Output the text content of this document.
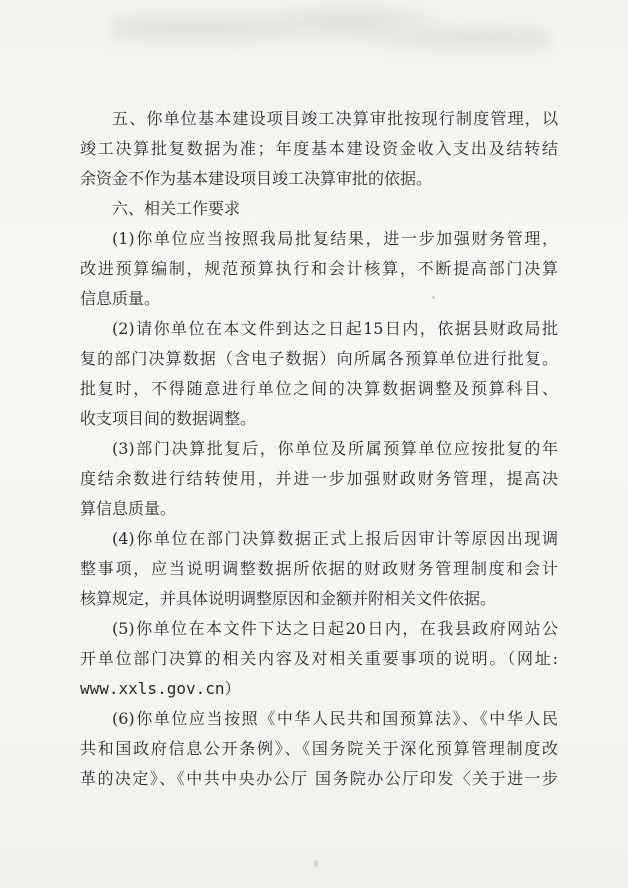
五、你单位基本建设项目竣工决算审批按现行制度管理，以
竣工决算批复数据为准；年度基本建设资金收入支出及结转结
余资金不作为基本建设项目竣工决算审批的依据。
六、相关工作要求
(1)你单位应当按照我局批复结果，进一步加强财务管理，
改进预算编制，规范预算执行和会计核算，不断提高部门决算
信息质量。
(2)请你单位在本文件到达之日起15日内，依据县财政局批
复的部门决算数据（含电子数据）向所属各预算单位进行批复。
批复时，不得随意进行单位之间的决算数据调整及预算科目、
收支项目间的数据调整。
(3)部门决算批复后，你单位及所属预算单位应按批复的年
度结余数进行结转使用，并进一步加强财政财务管理，提高决
算信息质量。
(4)你单位在部门决算数据正式上报后因审计等原因出现调
整事项，应当说明调整数据所依据的财政财务管理制度和会计
核算规定，并具体说明调整原因和金额并附相关文件依据。
(5)你单位在本文件下达之日起20日内，在我县政府网站公
开单位部门决算的相关内容及对相关重要事项的说明。（网址:
www.xxls.gov.cn）
(6)你单位应当按照《中华人民共和国预算法》、《中华人民
共和国政府信息公开条例》、《国务院关于深化预算管理制度改
革的决定》、《中共中央办公厅 国务院办公厅印发〈关于进一步
